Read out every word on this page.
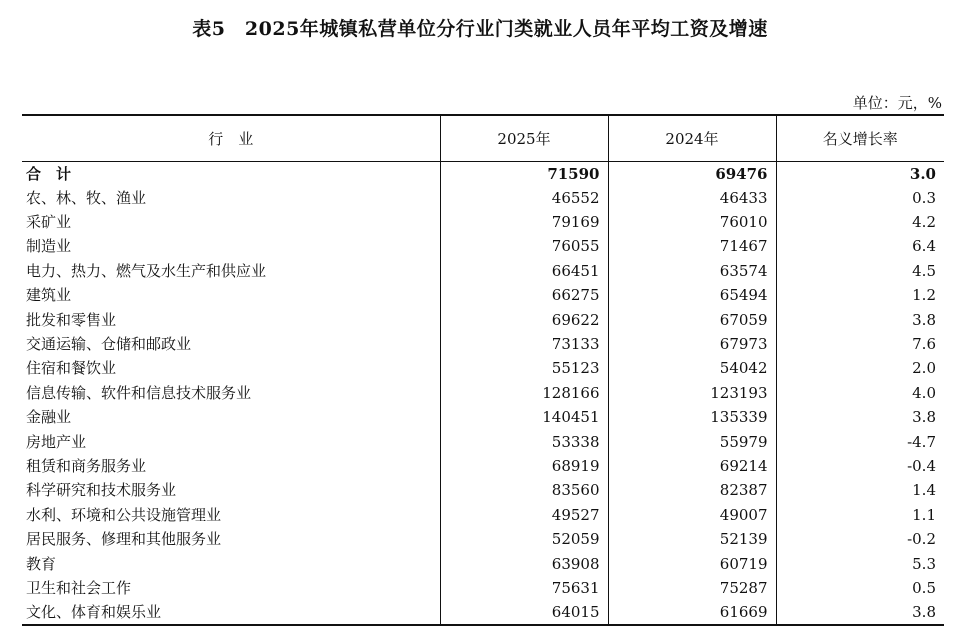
表5　2025年城镇私营单位分行业门类就业人员年平均工资及增速
单位：元，%
行　业	2025年	2024年	名义增长率
合　计	71590	69476	3.0
农、林、牧、渔业	46552	46433	0.3
采矿业	79169	76010	4.2
制造业	76055	71467	6.4
电力、热力、燃气及水生产和供应业	66451	63574	4.5
建筑业	66275	65494	1.2
批发和零售业	69622	67059	3.8
交通运输、仓储和邮政业	73133	67973	7.6
住宿和餐饮业	55123	54042	2.0
信息传输、软件和信息技术服务业	128166	123193	4.0
金融业	140451	135339	3.8
房地产业	53338	55979	-4.7
租赁和商务服务业	68919	69214	-0.4
科学研究和技术服务业	83560	82387	1.4
水利、环境和公共设施管理业	49527	49007	1.1
居民服务、修理和其他服务业	52059	52139	-0.2
教育	63908	60719	5.3
卫生和社会工作	75631	75287	0.5
文化、体育和娱乐业	64015	61669	3.8
